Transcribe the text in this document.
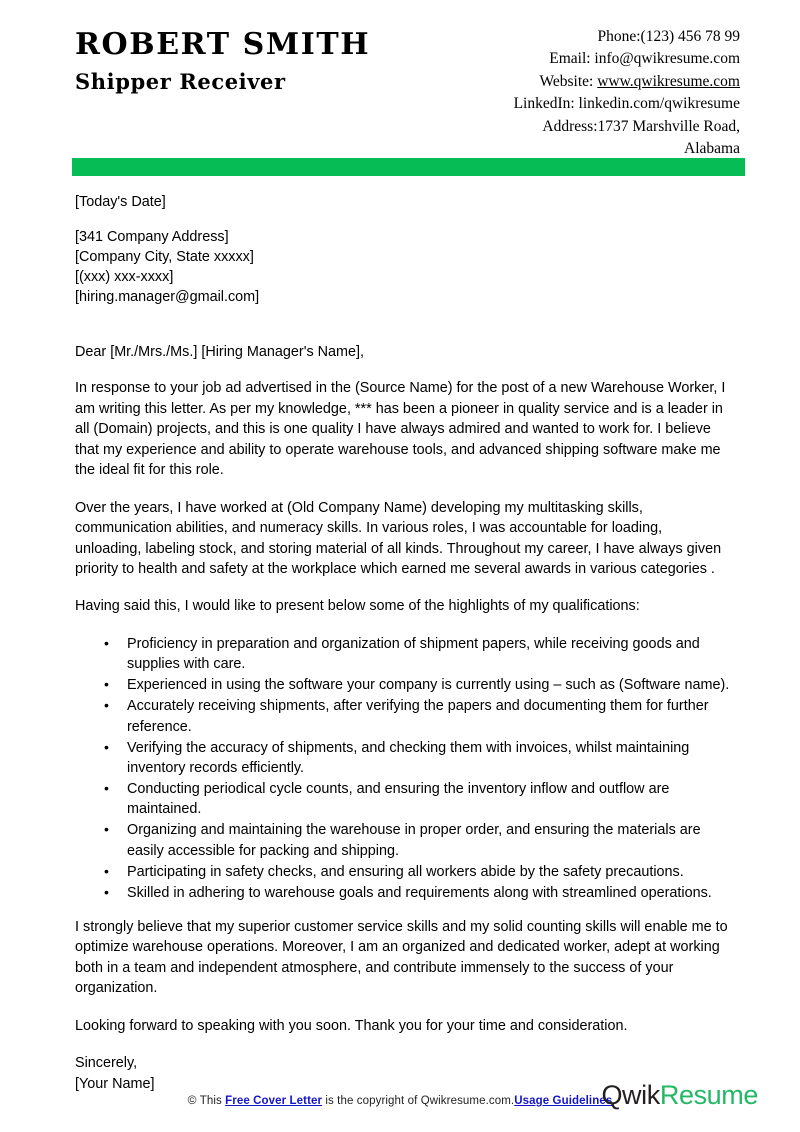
ROBERT SMITH
Shipper Receiver
Phone:(123) 456 78 99
Email: info@qwikresume.com
Website: www.qwikresume.com
LinkedIn: linkedin.com/qwikresume
Address:1737 Marshville Road,
Alabama
[Today's Date]
[341 Company Address]
[Company City, State xxxxx]
[(xxx) xxx-xxxx]
[hiring.manager@gmail.com]
Dear [Mr./Mrs./Ms.] [Hiring Manager's Name],

In response to your job ad advertised in the (Source Name) for the post of a new Warehouse Worker, I am writing this letter. As per my knowledge, *** has been a pioneer in quality service and is a leader in all (Domain) projects, and this is one quality I have always admired and wanted to work for. I believe that my experience and ability to operate warehouse tools, and advanced shipping software make me the ideal fit for this role.

Over the years, I have worked at (Old Company Name) developing my multitasking skills, communication abilities, and numeracy skills. In various roles, I was accountable for loading, unloading, labeling stock, and storing material of all kinds. Throughout my career, I have always given priority to health and safety at the workplace which earned me several awards in various categories .

Having said this, I would like to present below some of the highlights of my qualifications:

• Proficiency in preparation and organization of shipment papers, while receiving goods and supplies with care.
• Experienced in using the software your company is currently using – such as (Software name).
• Accurately receiving shipments, after verifying the papers and documenting them for further reference.
• Verifying the accuracy of shipments, and checking them with invoices, whilst maintaining inventory records efficiently.
• Conducting periodical cycle counts, and ensuring the inventory inflow and outflow are maintained.
• Organizing and maintaining the warehouse in proper order, and ensuring the materials are easily accessible for packing and shipping.
• Participating in safety checks, and ensuring all workers abide by the safety precautions.
• Skilled in adhering to warehouse goals and requirements along with streamlined operations.

I strongly believe that my superior customer service skills and my solid counting skills will enable me to optimize warehouse operations. Moreover, I am an organized and dedicated worker, adept at working both in a team and independent atmosphere, and contribute immensely to the success of your organization.

Looking forward to speaking with you soon. Thank you for your time and consideration.

Sincerely,
[Your Name]
© This Free Cover Letter is the copyright of Qwikresume.com.Usage Guidelines
Qwik Resume
